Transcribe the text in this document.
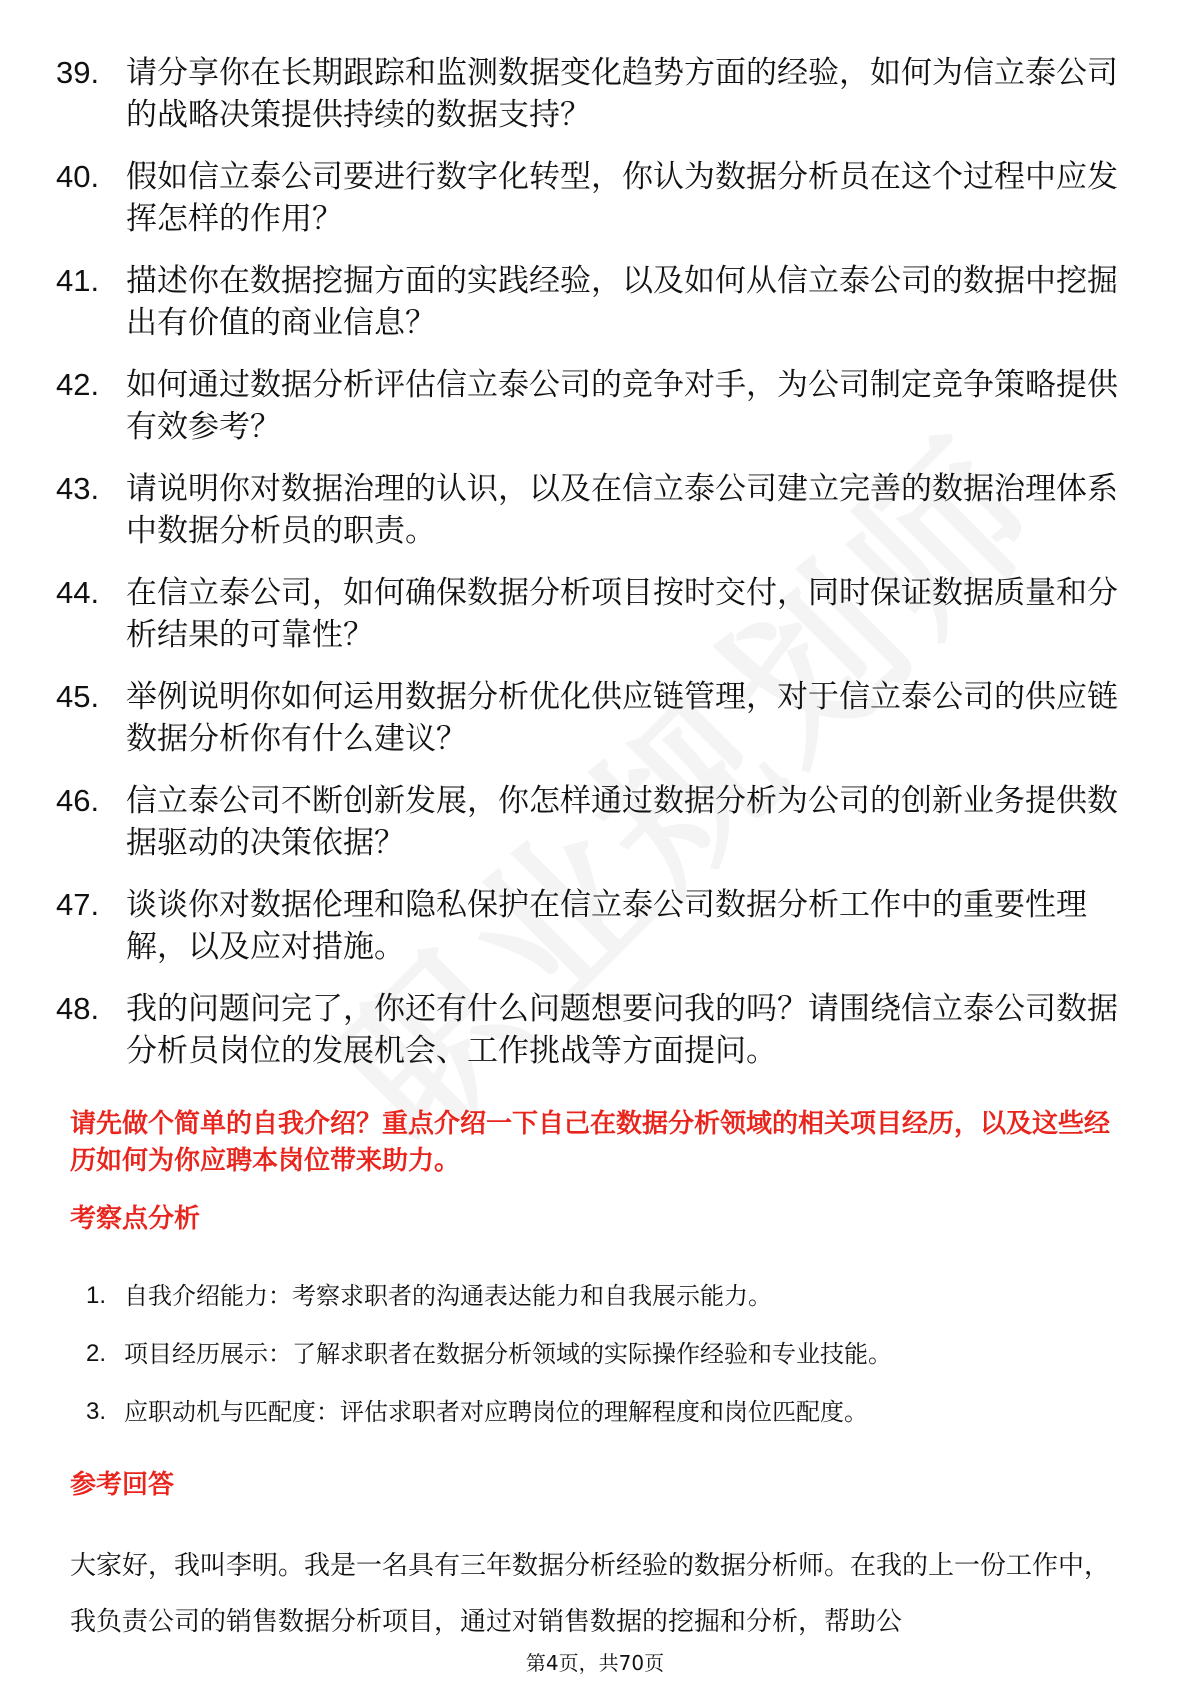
39. 请分享你在长期跟踪和监测数据变化趋势方面的经验，如何为信立泰公司的战略决策提供持续的数据支持？
40. 假如信立泰公司要进行数字化转型，你认为数据分析员在这个过程中应发挥怎样的作用？
41. 描述你在数据挖掘方面的实践经验，以及如何从信立泰公司的数据中挖掘出有价值的商业信息？
42. 如何通过数据分析评估信立泰公司的竞争对手，为公司制定竞争策略提供有效参考？
43. 请说明你对数据治理的认识，以及在信立泰公司建立完善的数据治理体系中数据分析员的职责。
44. 在信立泰公司，如何确保数据分析项目按时交付，同时保证数据质量和分析结果的可靠性？
45. 举例说明你如何运用数据分析优化供应链管理，对于信立泰公司的供应链数据分析你有什么建议？
46. 信立泰公司不断创新发展，你怎样通过数据分析为公司的创新业务提供数据驱动的决策依据？
47. 谈谈你对数据伦理和隐私保护在信立泰公司数据分析工作中的重要性理解，以及应对措施。
48. 我的问题问完了，你还有什么问题想要问我的吗？请围绕信立泰公司数据分析员岗位的发展机会、工作挑战等方面提问。
请先做个简单的自我介绍？重点介绍一下自己在数据分析领域的相关项目经历，以及这些经历如何为你应聘本岗位带来助力。
考察点分析
1. 自我介绍能力：考察求职者的沟通表达能力和自我展示能力。
2. 项目经历展示：了解求职者在数据分析领域的实际操作经验和专业技能。
3. 应职动机与匹配度：评估求职者对应聘岗位的理解程度和岗位匹配度。
参考回答
大家好，我叫李明。我是一名具有三年数据分析经验的数据分析师。在我的上一份工作中，我负责公司的销售数据分析项目，通过对销售数据的挖掘和分析，帮助公
第4页，共70页
